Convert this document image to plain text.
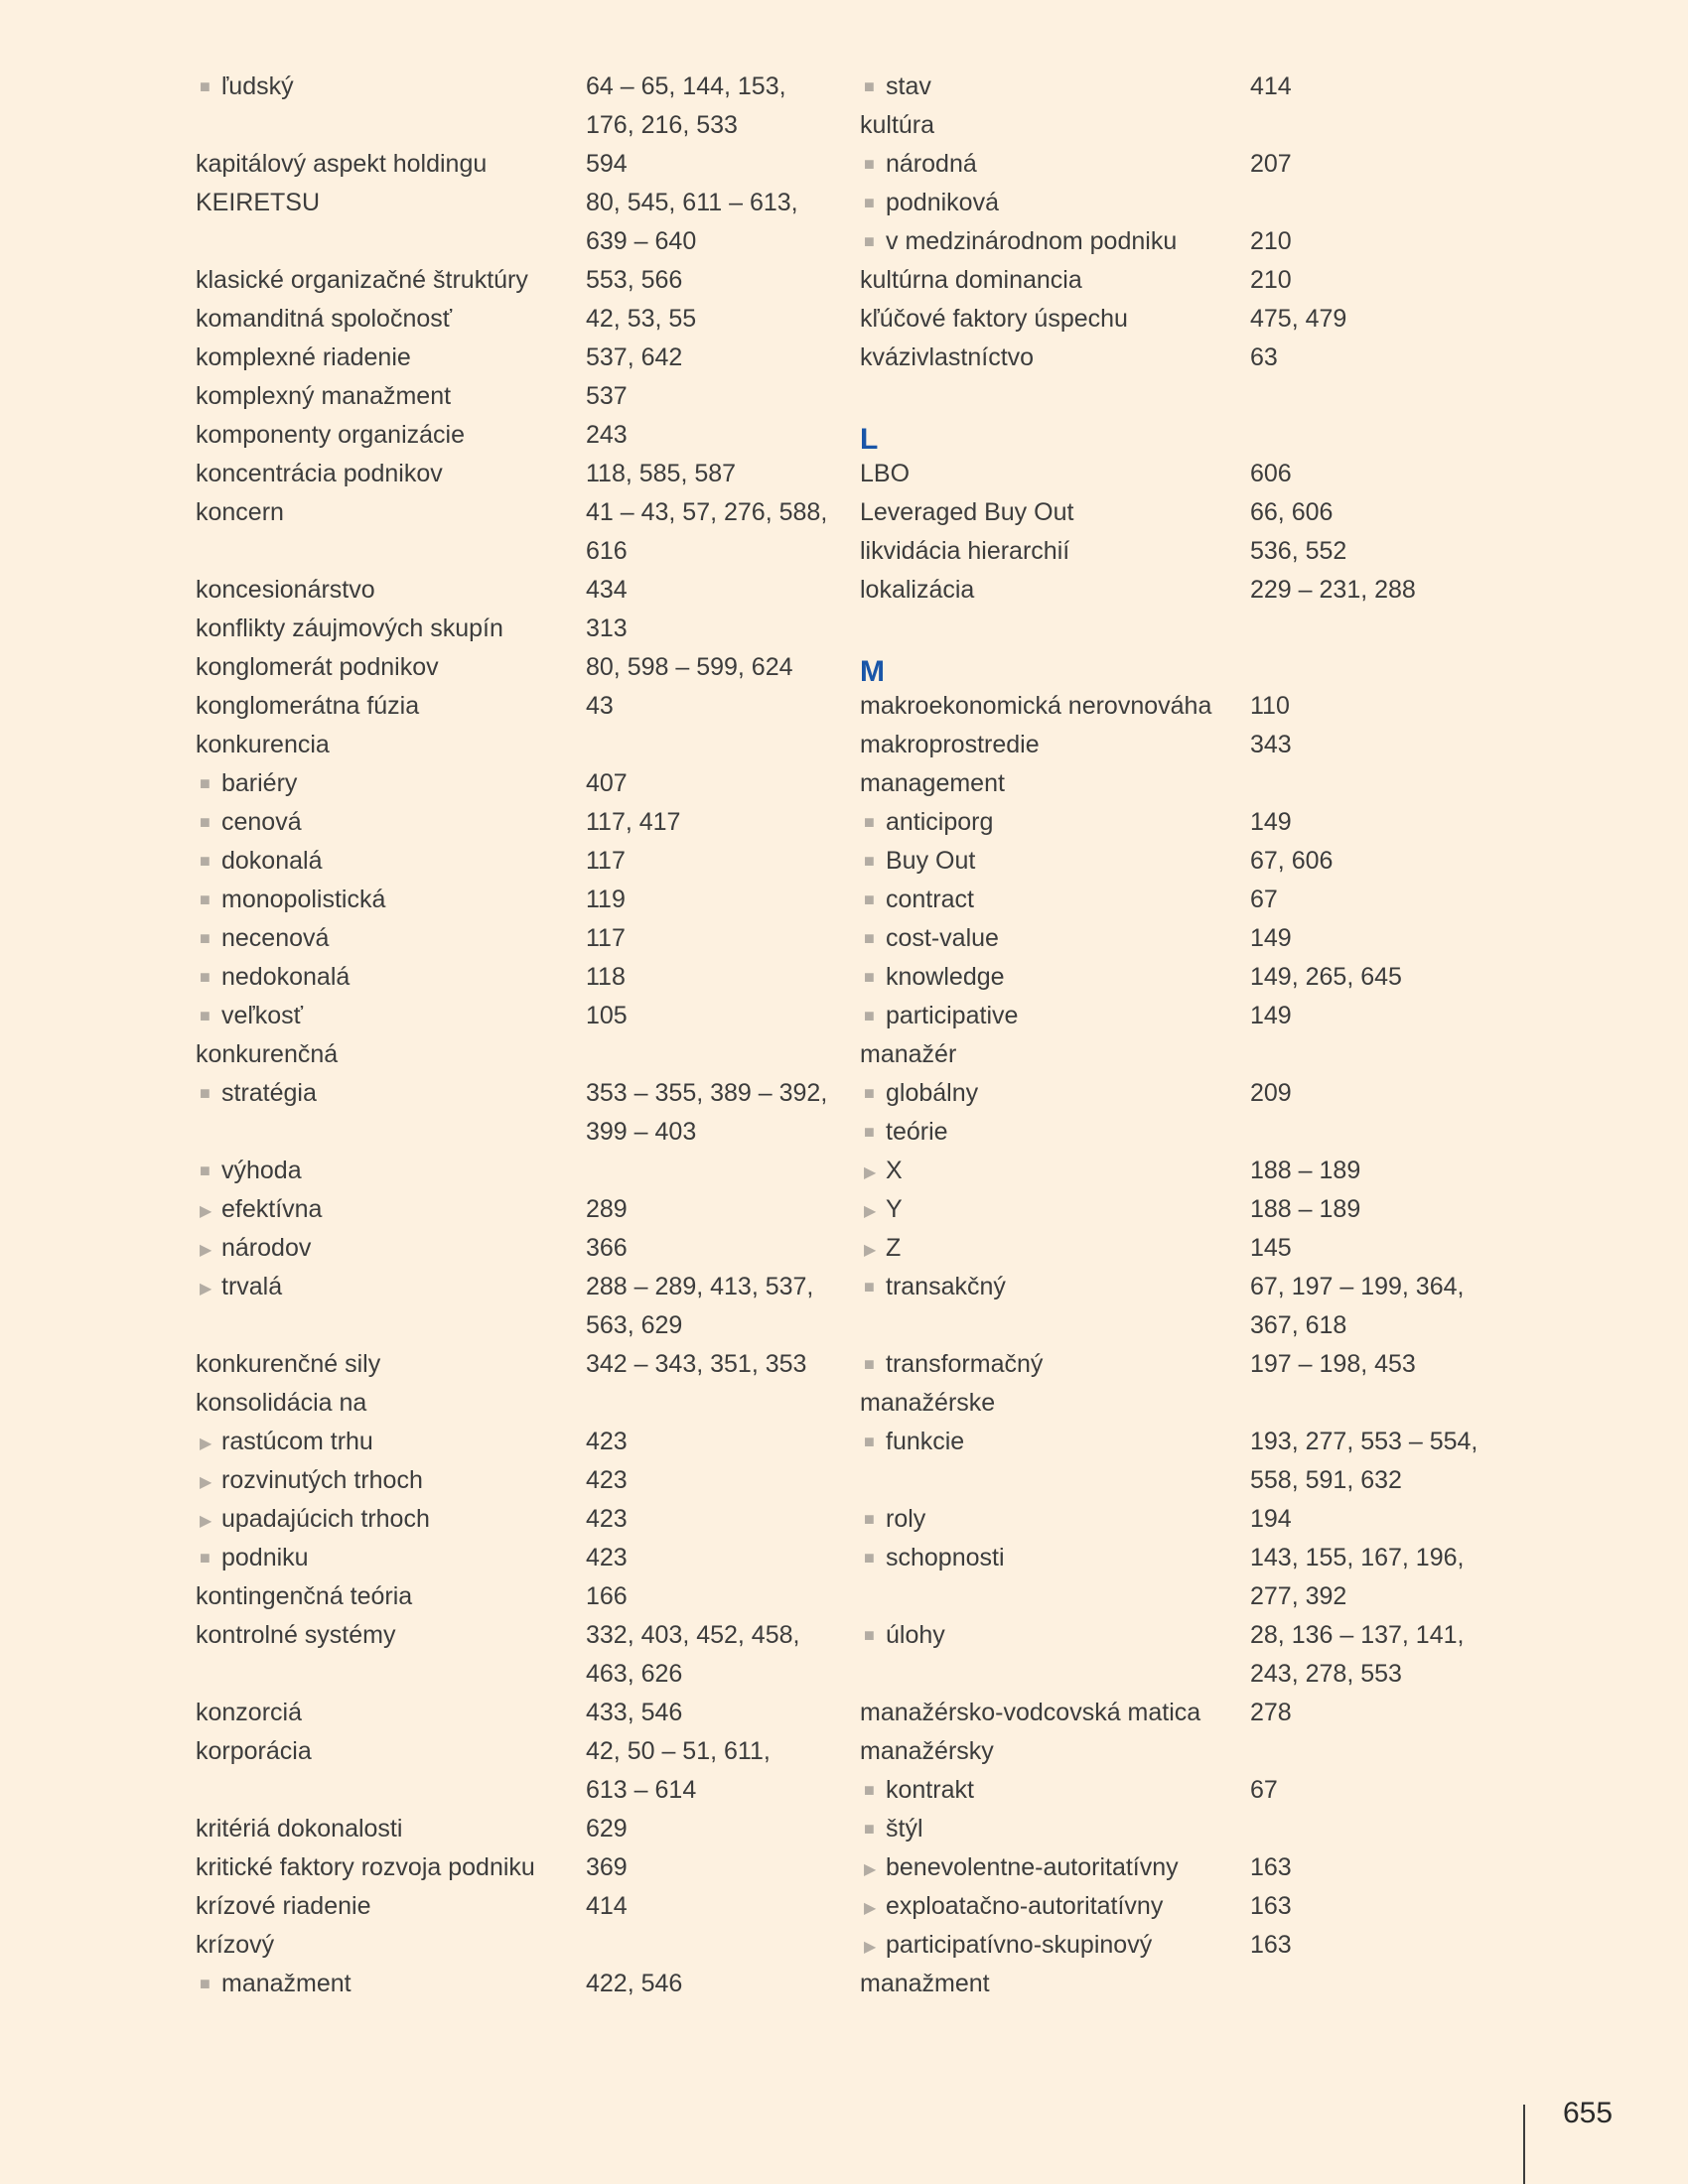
■ ľudský	64 – 65, 144, 153,
176, 216, 533
kapitálový aspekt holdingu	594
KEIRETSU	80, 545, 611 – 613,
639 – 640
klasické organizačné štruktúry 553, 566
komanditná spoločnosť	42, 53, 55
komplexné riadenie	537, 642
komplexný manažment	537
komponenty organizácie	243
koncentrácia podnikov	118, 585, 587
koncern	41 – 43, 57, 276, 588,
616
koncesionárstvo	434
konflikty záujmových skupín	313
konglomerát podnikov	80, 598 – 599, 624
konglomerátna fúzia	43
konkurencia
■ bariéry	407
■ cenová	117, 417
■ dokonalá	117
■ monopolistická	119
■ necenová	117
■ nedokonalá	118
■ veľkosť	105
konkurenčná
■ stratégia	353 – 355, 389 – 392,
399 – 403
■ výhoda
▶ efektívna	289
▶ národov	366
▶ trvalá	288 – 289, 413, 537,
563, 629
konkurenčné sily	342 – 343, 351, 353
konsolidácia na
▶ rastúcom trhu	423
▶ rozvinutých trhoch	423
▶ upadajúcich trhoch	423
■ podniku	423
kontingenčná teória	166
kontrolné systémy	332, 403, 452, 458,
463, 626
konzorciá	433, 546
korporácia	42, 50 – 51, 611,
613 – 614
kritériá dokonalosti	629
kritické faktory rozvoja podniku 369
krízové riadenie	414
krízový
■ manažment	422, 546
■ stav	414
kultúra
■ národná	207
■ podniková
■ v medzinárodnom podniku	210
kultúrna dominancia	210
kľúčové faktory úspechu	475, 479
kvázivlastníctvo	63
L
LBO	606
Leveraged Buy Out	66, 606
likvidácia hierarchií	536, 552
lokalizácia	229 – 231, 288
M
makroekonomická nerovnováha 110
makroprostredie	343
management
■ anticiporg	149
■ Buy Out	67, 606
■ contract	67
■ cost-value	149
■ knowledge	149, 265, 645
■ participative	149
manažér
■ globálny	209
■ teórie
▶ X	188 – 189
▶ Y	188 – 189
▶ Z	145
■ transakčný	67, 197 – 199, 364,
367, 618
■ transformačný	197 – 198, 453
manažérske
■ funkcie	193, 277, 553 – 554,
558, 591, 632
■ roly	194
■ schopnosti	143, 155, 167, 196,
277, 392
■ úlohy	28, 136 – 137, 141,
243, 278, 553
manažérsko-vodcovská matica 278
manažérsky
■ kontrakt	67
■ štýl
▶ benevolentne-autoritatívny	163
▶ exploatačno-autoritatívny	163
▶ participatívno-skupinový	163
manažment
655
